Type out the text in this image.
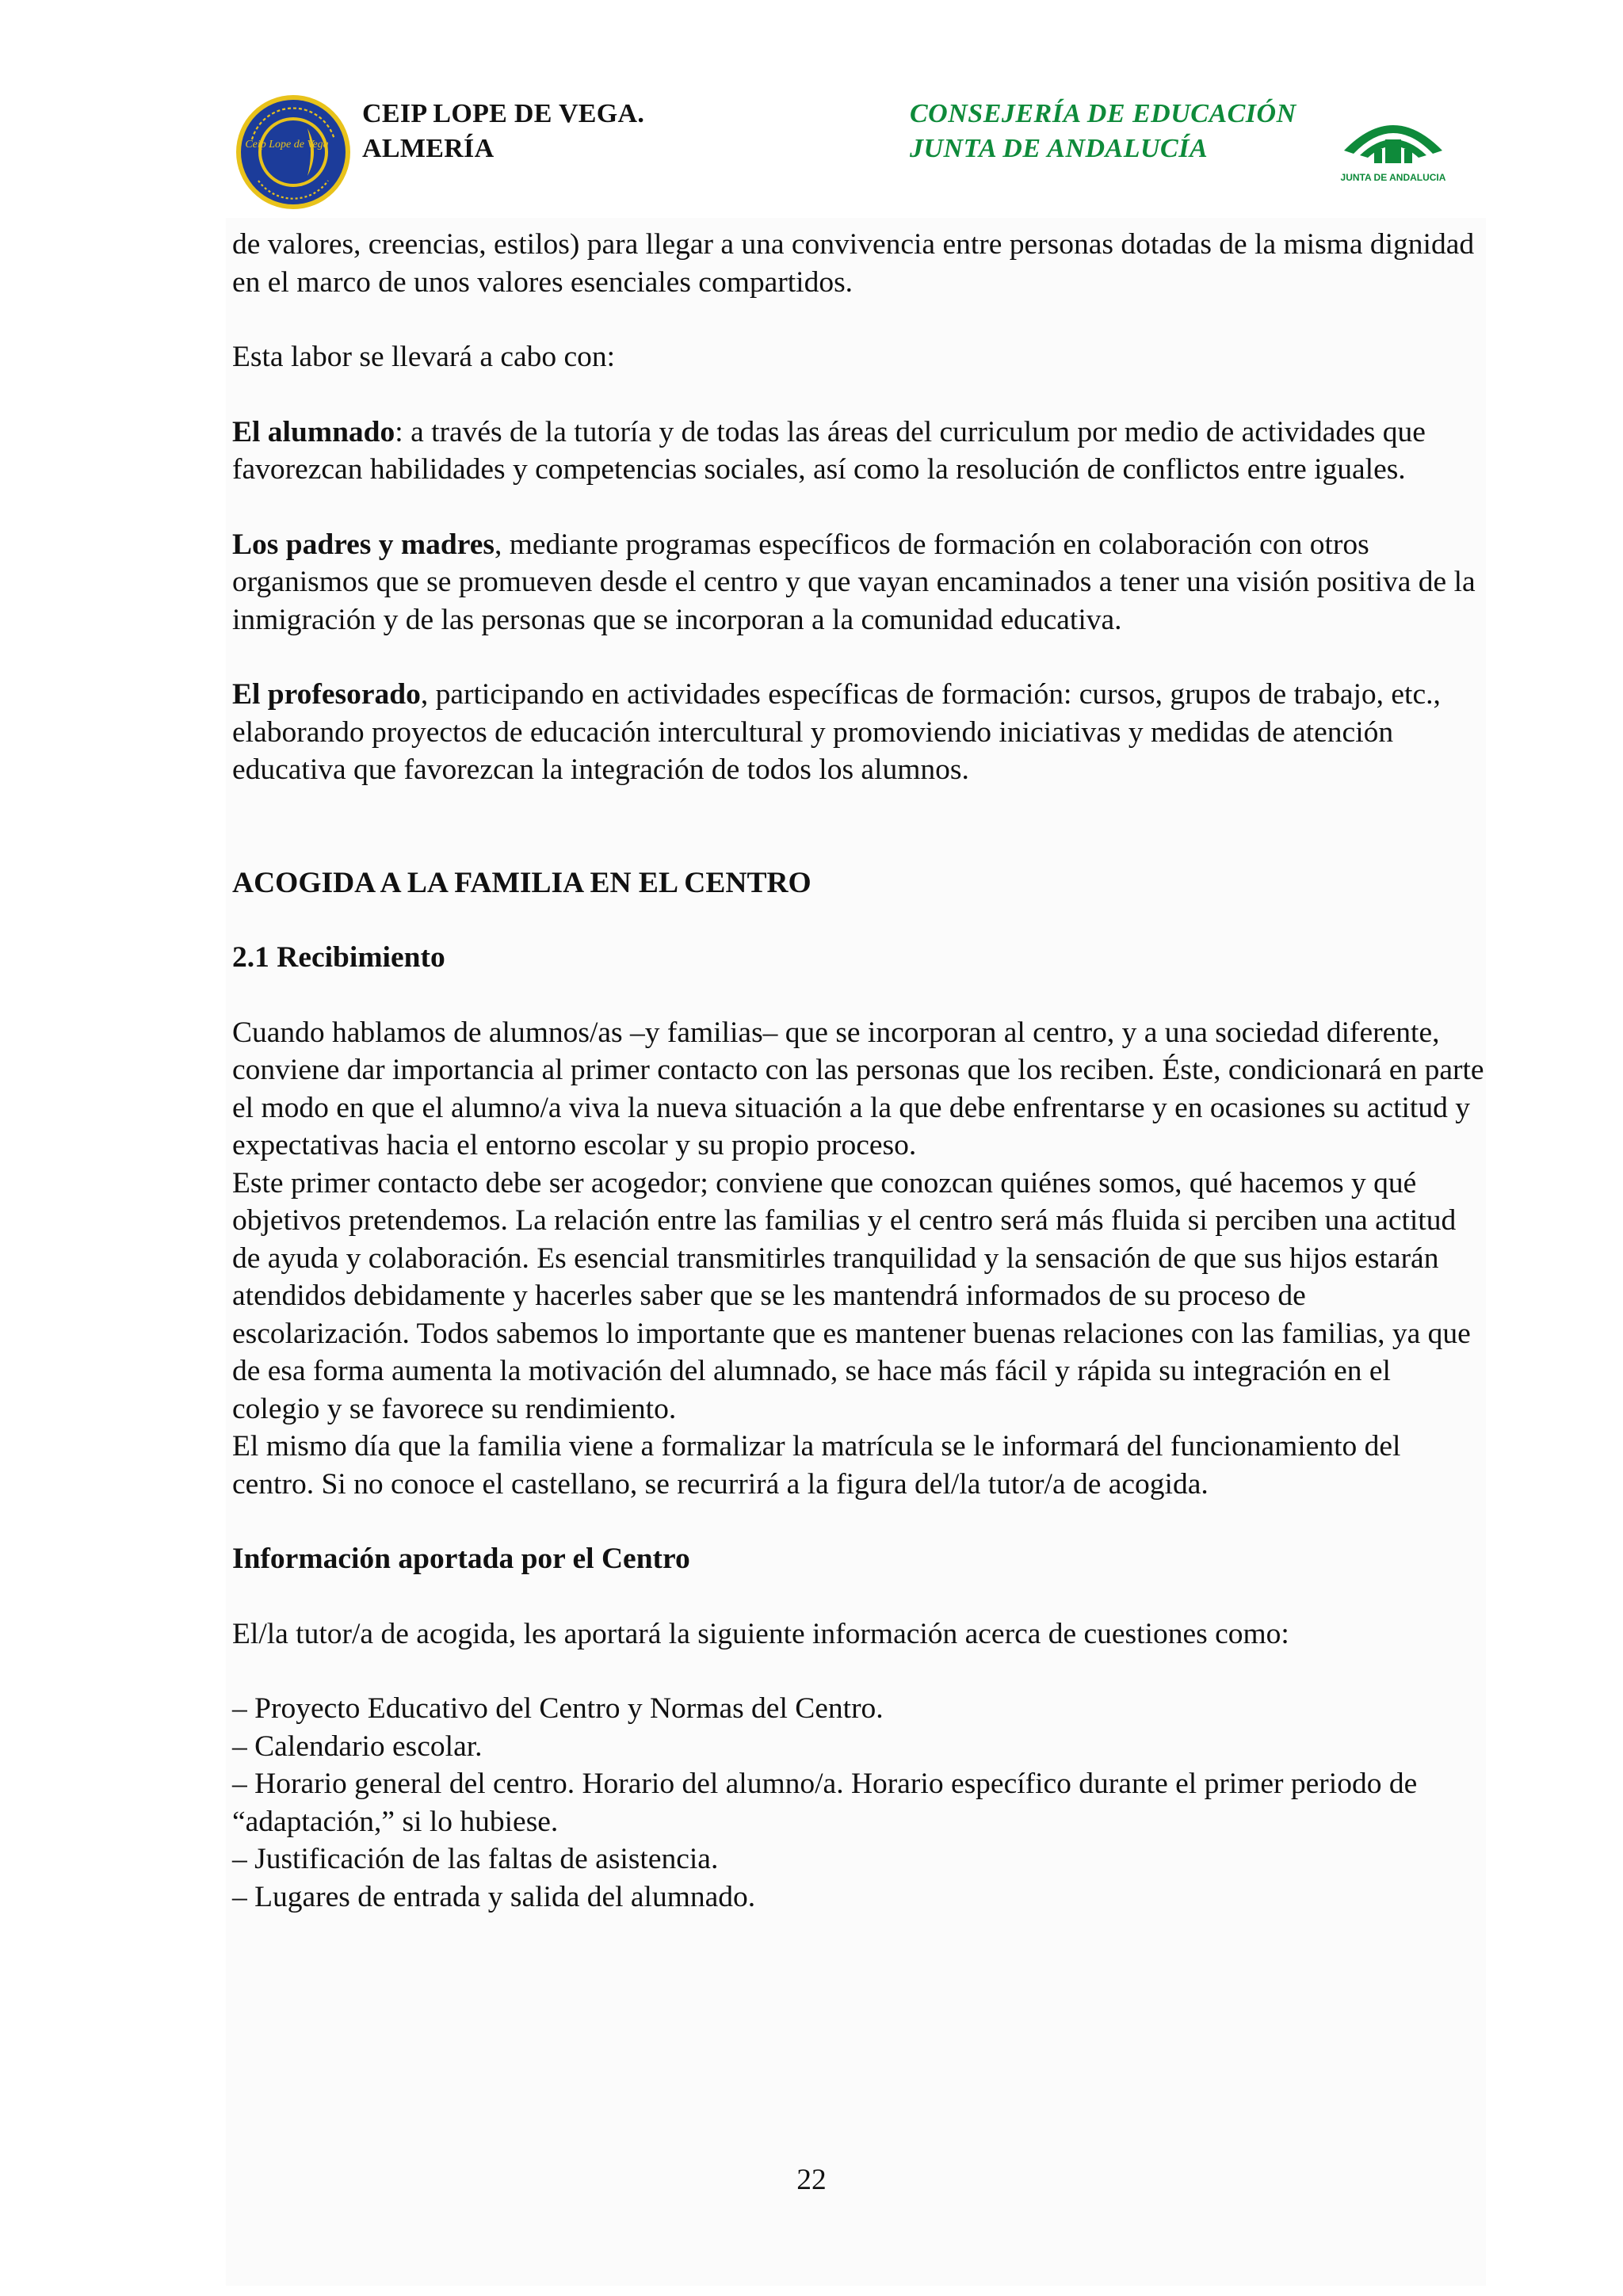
Ceip Lope de Vega
CEIP LOPE DE VEGA.
ALMERÍA
CONSEJERÍA DE EDUCACIÓN
JUNTA DE ANDALUCÍA
JUNTA DE ANDALUCIA

de valores, creencias, estilos) para llegar a una convivencia entre personas dotadas de la misma dignidad en el marco de unos valores esenciales compartidos.

Esta labor se llevará a cabo con:

El alumnado: a través de la tutoría y de todas las áreas del curriculum por medio de actividades que favorezcan habilidades y competencias sociales, así como la resolución de conflictos entre iguales.

Los padres y madres, mediante programas específicos de formación en colaboración con otros organismos que se promueven desde el centro y que vayan encaminados a tener una visión positiva de la inmigración y de las personas que se incorporan a la comunidad educativa.

El profesorado, participando en actividades específicas de formación: cursos, grupos de trabajo, etc., elaborando proyectos de educación intercultural y promoviendo iniciativas y medidas de atención educativa que favorezcan la integración de todos los alumnos.

ACOGIDA A LA FAMILIA EN EL CENTRO

2.1 Recibimiento

Cuando hablamos de alumnos/as –y familias– que se incorporan al centro, y a una sociedad diferente, conviene dar importancia al primer contacto con las personas que los reciben. Éste, condicionará en parte el modo en que el alumno/a viva la nueva situación a la que debe enfrentarse y en ocasiones su actitud y expectativas hacia el entorno escolar y su propio proceso.

Este primer contacto debe ser acogedor; conviene que conozcan quiénes somos, qué hacemos y qué objetivos pretendemos. La relación entre las familias y el centro será más fluida si perciben una actitud de ayuda y colaboración. Es esencial transmitirles tranquilidad y la sensación de que sus hijos estarán atendidos debidamente y hacerles saber que se les mantendrá informados de su proceso de escolarización. Todos sabemos lo importante que es mantener buenas relaciones con las familias, ya que de esa forma aumenta la motivación del alumnado, se hace más fácil y rápida su integración en el colegio y se favorece su rendimiento.

El mismo día que la familia viene a formalizar la matrícula se le informará del funcionamiento del centro. Si no conoce el castellano, se recurrirá a la figura del/la tutor/a de acogida.

Información aportada por el Centro

El/la tutor/a de acogida, les aportará la siguiente información acerca de cuestiones como:

– Proyecto Educativo del Centro y Normas del Centro.
– Calendario escolar.
– Horario general del centro. Horario del alumno/a. Horario específico durante el primer periodo de “adaptación,” si lo hubiese.
– Justificación de las faltas de asistencia.
– Lugares de entrada y salida del alumnado.
22
